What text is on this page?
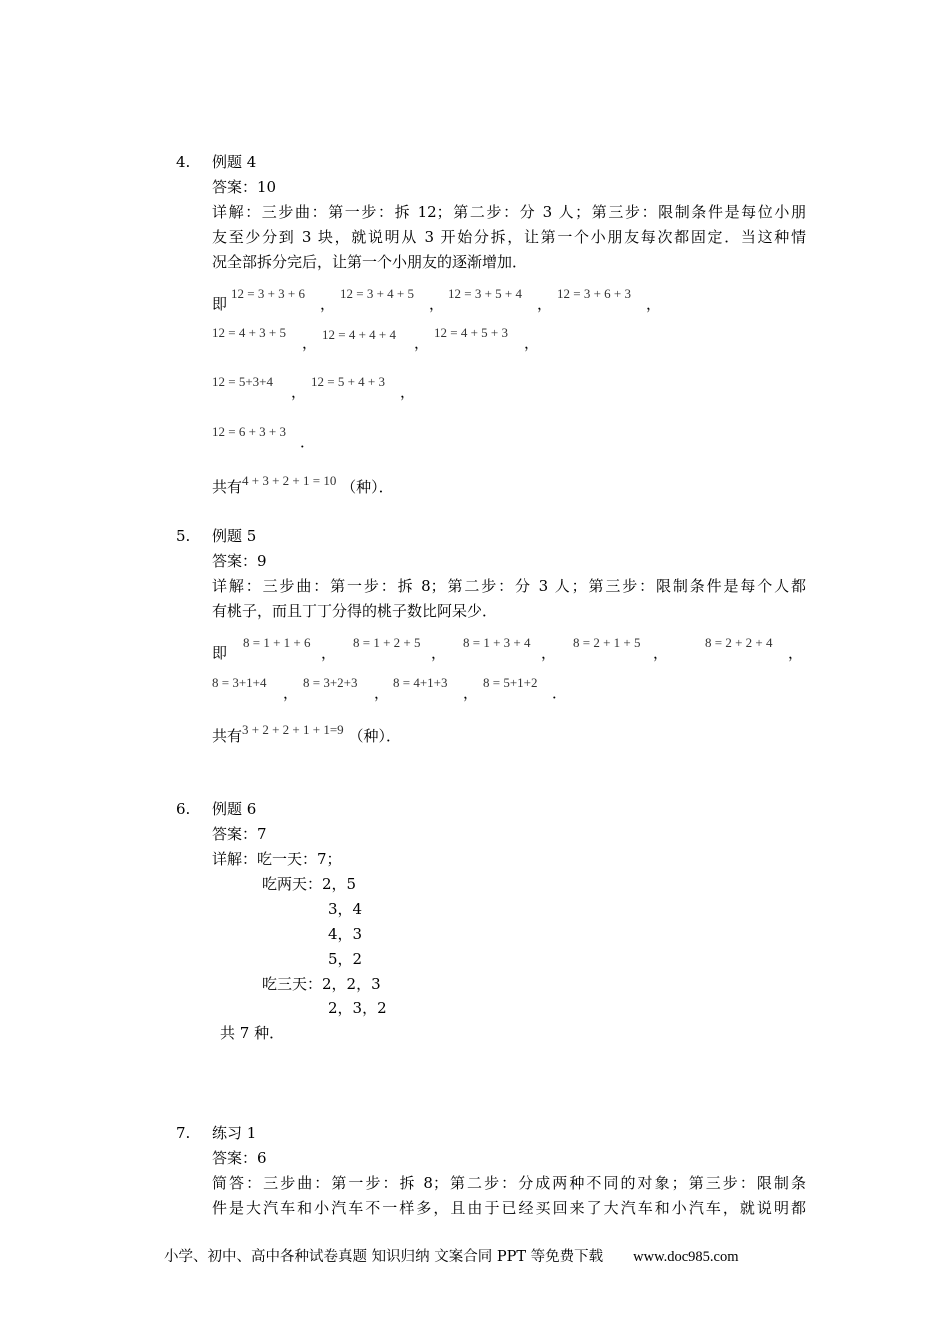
4. 例题 4
答案：10
详解：三步曲：第一步：拆 12；第二步：分 3 人；第三步：限制条件是每位小朋
友至少分到 3 块，就说明从 3 开始分拆，让第一个小朋友每次都固定．当这种情
况全部拆分完后，让第一个小朋友的逐渐增加．
即
12 = 3 + 3 + 6
，
12 = 3 + 4 + 5
，
12 = 3 + 5 + 4
，
12 = 3 + 6 + 3
，
12 = 4 + 3 + 5
， 12 = 4 + 4 + 4 ，
12 = 4 + 5 + 3
，
12 = 5+3+4
，
12 = 5 + 4 + 3
，
12 = 6 + 3 + 3
．
共有4 + 3 + 2 + 1 = 10 （种）．
5. 例题 5
答案：9
详解：三步曲：第一步：拆 8；第二步：分 3 人；第三步：限制条件是每个人都
有桃子，而且丁丁分得的桃子数比阿呆少．
即
8 = 1 + 1 + 6
，
8 = 1 + 2 + 5
，
8 = 1 + 3 + 4
，
8 = 2 + 1 + 5
，
8 = 2 + 2 + 4
，
8 = 3+1+4
，
8 = 3+2+3
，
8 = 4+1+3
，
8 = 5+1+2
．
共有3 + 2 + 2 + 1 + 1=9 （种）．
6. 例题 6
答案：7
详解：吃一天：7；
吃两天：2，5
3，4
4，3
5，2
吃三天：2，2，3
2，3，2
共 7 种．
7. 练习 1
答案：6
简答：三步曲：第一步：拆 8；第二步：分成两种不同的对象；第三步：限制条
件是大汽车和小汽车不一样多，且由于已经买回来了大汽车和小汽车，就说明都
小学、初中、高中各种试卷真题 知识归纳 文案合同 PPT 等免费下载 www.doc985.com
